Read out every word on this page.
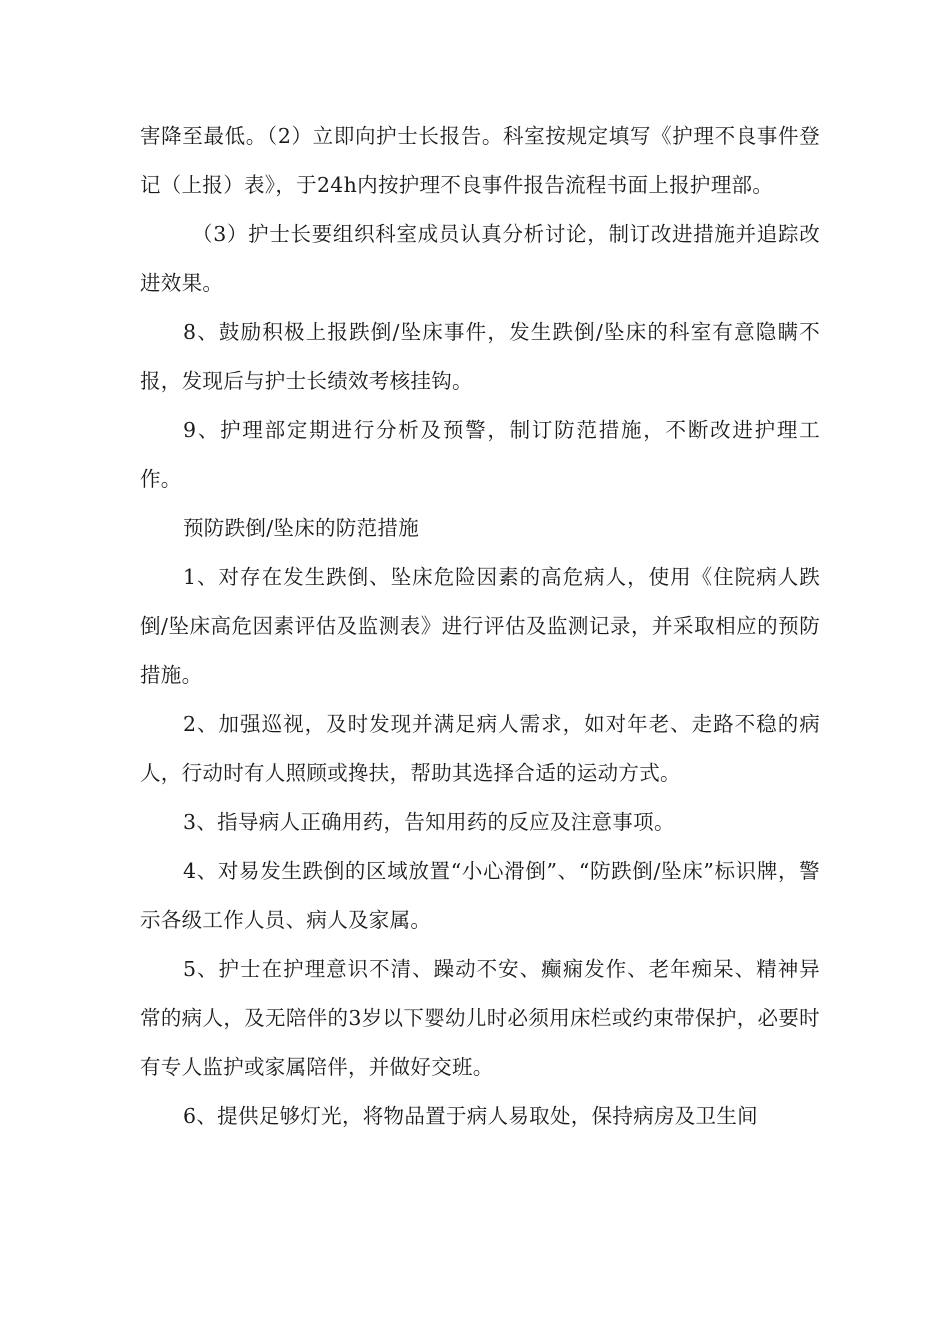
害降至最低。（2）立即向护士长报告。科室按规定填写《护理不良事件登记（上报）表》，于24h内按护理不良事件报告流程书面上报护理部。

（3）护士长要组织科室成员认真分析讨论，制订改进措施并追踪改进效果。

8、鼓励积极上报跌倒/坠床事件，发生跌倒/坠床的科室有意隐瞒不报，发现后与护士长绩效考核挂钩。

9、护理部定期进行分析及预警，制订防范措施，不断改进护理工作。

预防跌倒/坠床的防范措施

1、对存在发生跌倒、坠床危险因素的高危病人，使用《住院病人跌倒/坠床高危因素评估及监测表》进行评估及监测记录，并采取相应的预防措施。

2、加强巡视，及时发现并满足病人需求，如对年老、走路不稳的病人，行动时有人照顾或搀扶，帮助其选择合适的运动方式。

3、指导病人正确用药，告知用药的反应及注意事项。

4、对易发生跌倒的区域放置“小心滑倒”、“防跌倒/坠床”标识牌，警示各级工作人员、病人及家属。

5、护士在护理意识不清、躁动不安、癫痫发作、老年痴呆、精神异常的病人，及无陪伴的3岁以下婴幼儿时必须用床栏或约束带保护，必要时有专人监护或家属陪伴，并做好交班。

6、提供足够灯光，将物品置于病人易取处，保持病房及卫生间
